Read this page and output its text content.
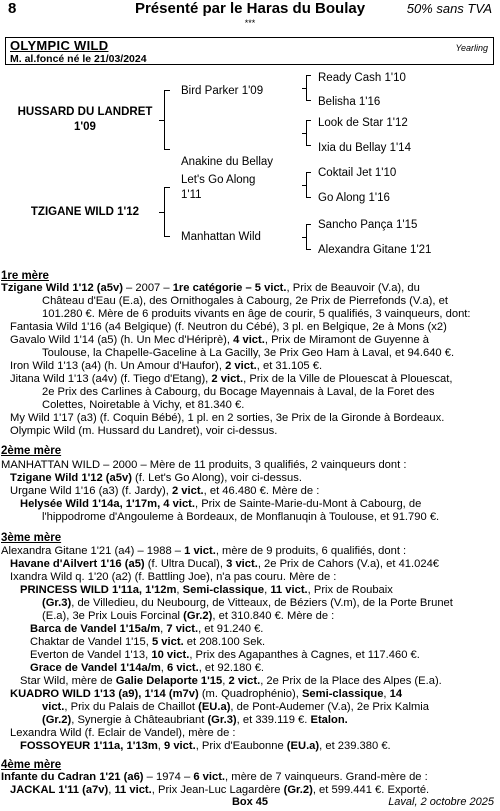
Présenté par le Haras du Boulay
8	50% sans TVA
***
OLYMPIC WILD	Yearling
M. al.foncé né le 21/03/2024
HUSSARD DU LANDRET
1'09
TZIGANE WILD 1'12
Bird Parker 1'09
Anakine du Bellay
Let's Go Along
1'11
Manhattan Wild
Ready Cash 1'10
Belisha 1'16
Look de Star 1'12
Ixia du Bellay 1'14
Coktail Jet 1'10
Go Along 1'16
Sancho Pança 1'15
Alexandra Gitane 1'21
1re mère
Tzigane Wild 1'12 (a5v) – 2007 – 1re catégorie – 5 vict., Prix de Beauvoir (V.a), du
Château d'Eau (E.a), des Ornithogales à Cabourg, 2e Prix de Pierrefonds (V.a), et
101.280 €. Mère de 6 produits vivants en âge de courir, 5 qualifiés, 3 vainqueurs, dont:
Fantasia Wild 1'16 (a4 Belgique) (f. Neutron du Cébé), 3 pl. en Belgique, 2e à Mons (x2)
Gavalo Wild 1'14 (a5) (h. Un Mec d'Hériprè), 4 vict., Prix de Miramont de Guyenne à
Toulouse, la Chapelle-Gaceline à La Gacilly, 3e Prix Geo Ham à Laval, et 94.640 €.
Iron Wild 1'13 (a4) (h. Un Amour d'Haufor), 2 vict., et 31.105 €.
Jitana Wild 1'13 (a4v) (f. Tiego d'Etang), 2 vict., Prix de la Ville de Plouescat à Plouescat,
2e Prix des Carlines à Cabourg, du Bocage Mayennais à Laval, de la Foret des
Colettes, Noiretable à Vichy, et 81.340 €.
My Wild 1'17 (a3) (f. Coquin Bébé), 1 pl. en 2 sorties, 3e Prix de la Gironde à Bordeaux.
Olympic Wild (m. Hussard du Landret), voir ci-dessus.
2ème mère
MANHATTAN WILD – 2000 – Mère de 11 produits, 3 qualifiés, 2 vainqueurs dont :
Tzigane Wild 1'12 (a5v) (f. Let's Go Along), voir ci-dessus.
Urgane Wild 1'16 (a3) (f. Jardy), 2 vict., et 46.480 €. Mère de :
Helysée Wild 1'14a, 1'17m, 4 vict., Prix de Sainte-Marie-du-Mont à Cabourg, de
l'hippodrome d'Angouleme à Bordeaux, de Monflanuqin à Toulouse, et 91.790 €.
3ème mère
Alexandra Gitane 1'21 (a4) – 1988 – 1 vict., mère de 9 produits, 6 qualifiés, dont :
Havane d'Ailvert 1'16 (a5) (f. Ultra Ducal), 3 vict., 2e Prix de Cahors (V.a), et 41.024€
Ixandra Wild q. 1'20 (a2) (f. Battling Joe), n'a pas couru. Mère de :
PRINCESS WILD 1'11a, 1'12m, Semi-classique, 11 vict., Prix de Roubaix
(Gr.3), de Villedieu, du Neubourg, de Vitteaux, de Béziers (V.m), de la Porte Brunet
(E.a), 3e Prix Louis Forcinal (Gr.2), et 310.840 €. Mère de :
Barca de Vandel 1'15a/m, 7 vict., et 91.240 €.
Chaktar de Vandel 1'15, 5 vict. et 208.100 Sek.
Everton de Vandel 1'13, 10 vict., Prix des Agapanthes à Cagnes, et 117.460 €.
Grace de Vandel 1'14a/m, 6 vict., et 92.180 €.
Star Wild, mère de Galie Delaporte 1'15, 2 vict., 2e Prix de la Place des Alpes (E.a).
KUADRO WILD 1'13 (a9), 1'14 (m7v) (m. Quadrophénio), Semi-classique, 14
vict., Prix du Palais de Chaillot (EU.a), de Pont-Audemer (V.a), 2e Prix Kalmia
(Gr.2), Synergie à Châteaubriant (Gr.3), et 339.119 €. Etalon.
Lexandra Wild (f. Eclair de Vandel), mère de :
FOSSOYEUR 1'11a, 1'13m, 9 vict., Prix d'Eaubonne (EU.a), et 239.380 €.
4ème mère
Infante du Cadran 1'21 (a6) – 1974 – 6 vict., mère de 7 vainqueurs. Grand-mère de :
JACKAL 1'11 (a7v), 11 vict., Prix Jean-Luc Lagardère (Gr.2), et 599.441 €. Exporté.
Box 45	Laval, 2 octobre 2025
